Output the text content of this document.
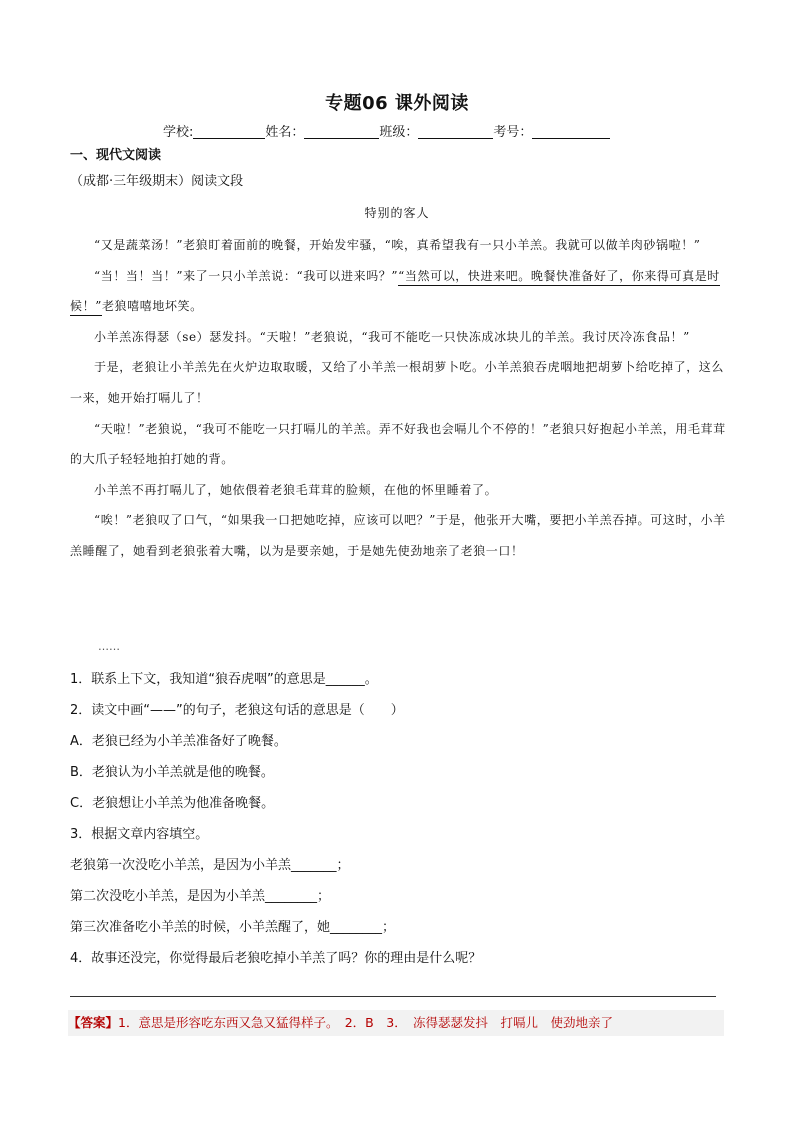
专题06 课外阅读
学校:	姓名：	班级：	考号：
一、现代文阅读
（成都·三年级期末）阅读文段
特别的客人

“又是蔬菜汤！”老狼盯着面前的晚餐，开始发牢骚，“唉，真希望我有一只小羊羔。我就可以做羊肉砂锅啦！”

“当！当！当！”来了一只小羊羔说：“我可以进来吗？”“当然可以，快进来吧。晚餐快准备好了，你来得可真是时候！”老狼嘻嘻地坏笑。

小羊羔冻得瑟（se）瑟发抖。“天啦！”老狼说，“我可不能吃一只快冻成冰块儿的羊羔。我讨厌冷冻食品！”

于是，老狼让小羊羔先在火炉边取取暖，又给了小羊羔一根胡萝卜吃。小羊羔狼吞虎咽地把胡萝卜给吃掉了，这么一来，她开始打嗝儿了！

“天啦！”老狼说，“我可不能吃一只打嗝儿的羊羔。弄不好我也会嗝儿个不停的！”老狼只好抱起小羊羔，用毛茸茸的大爪子轻轻地拍打她的背。

小羊羔不再打嗝儿了，她依偎着老狼毛茸茸的脸颊，在他的怀里睡着了。

“唉！”老狼叹了口气，“如果我一口把她吃掉，应该可以吧？”于是，他张开大嘴，要把小羊羔吞掉。可这时，小羊羔睡醒了，她看到老狼张着大嘴，以为是要亲她，于是她先使劲地亲了老狼一口！

……
1．联系上下文，我知道“狼吞虎咽”的意思是______。
2．读文中画“——”的句子，老狼这句话的意思是（　　）
A．老狼已经为小羊羔准备好了晚餐。
B．老狼认为小羊羔就是他的晚餐。
C．老狼想让小羊羔为他准备晚餐。
3．根据文章内容填空。
老狼第一次没吃小羊羔，是因为小羊羔_______；
第二次没吃小羊羔，是因为小羊羔________；
第三次准备吃小羊羔的时候，小羊羔醒了，她________；
4．故事还没完，你觉得最后老狼吃掉小羊羔了吗？你的理由是什么呢？
【答案】1．意思是形容吃东西又急又猛得样子。　2．B　3．　冻得瑟瑟发抖　打嗝儿　使劲地亲了
